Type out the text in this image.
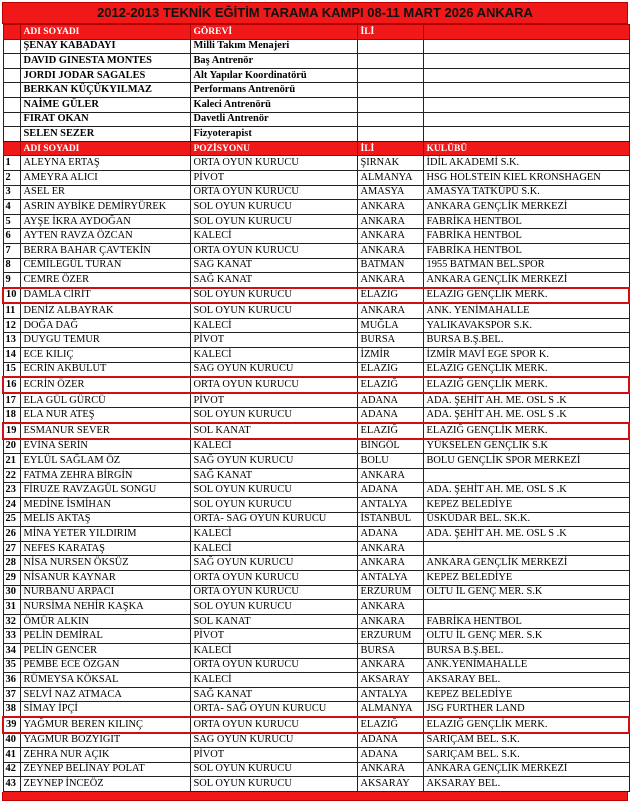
2012-2013 TEKNİK EĞİTİM TARAMA KAMPI 08-11 MART 2026 ANKARA
	ADI SOYADI	GÖREVİ	İLİ	
	ŞENAY KABADAYI	Milli Takım Menajeri		
	DAVID GINESTA MONTES	Baş Antrenör		
	JORDI JODAR SAGALES	Alt Yapılar Koordinatörü		
	BERKAN KÜÇÜKYILMAZ	Performans Antrenörü		
	NAİME GÜLER	Kaleci Antrenörü		
	FIRAT OKAN	Davetli Antrenör		
	SELEN SEZER	Fizyoterapist		
	ADI SOYADI	POZİSYONU	İLİ	KULÜBÜ
1	ALEYNA ERTAŞ	ORTA OYUN KURUCU	ŞIRNAK	İDİL AKADEMİ S.K.
2	AMEYRA ALICI	PİVOT	ALMANYA	HSG HOLSTEIN KIEL KRONSHAGEN
3	ASEL ER	ORTA OYUN KURUCU	AMASYA	AMASYA TATKÜPÜ S.K.
4	ASRIN AYBİKE DEMİRYÜREK	SOL OYUN KURUCU	ANKARA	ANKARA GENÇLİK MERKEZİ
5	AYŞE İKRA AYDOĞAN	SOL OYUN KURUCU	ANKARA	FABRİKA HENTBOL
6	AYTEN RAVZA ÖZCAN	KALECİ	ANKARA	FABRİKA HENTBOL
7	BERRA BAHAR ÇAVTEKİN	ORTA OYUN KURUCU	ANKARA	FABRİKA HENTBOL
8	CEMİLEGÜL TURAN	SAĞ KANAT	BATMAN	1955 BATMAN BEL.SPOR
9	CEMRE ÖZER	SAĞ KANAT	ANKARA	ANKARA GENÇLİK MERKEZİ
10	DAMLA CİRİT	SOL OYUN KURUCU	ELAZIĞ	ELAZIĞ GENÇLİK MERK.
11	DENİZ ALBAYRAK	SOL OYUN KURUCU	ANKARA	ANK. YENİMAHALLE
12	DOĞA DAĞ	KALECİ	MUĞLA	YALIKAVAKSPOR S.K.
13	DUYGU TEMUR	PİVOT	BURSA	BURSA B.Ş.BEL.
14	ECE KILIÇ	KALECİ	İZMİR	İZMİR MAVİ EGE SPOR K.
15	ECRİN AKBULUT	SAĞ OYUN KURUCU	ELAZIĞ	ELAZIĞ GENÇLİK MERK.
16	ECRİN ÖZER	ORTA OYUN KURUCU	ELAZIĞ	ELAZIĞ GENÇLİK MERK.
17	ELA GÜL GÜRCÜ	PİVOT	ADANA	ADA. ŞEHİT AH. ME. OSL S .K
18	ELA NUR ATEŞ	SOL OYUN KURUCU	ADANA	ADA. ŞEHİT AH. ME. OSL S .K
19	ESMANUR SEVER	SOL KANAT	ELAZIĞ	ELAZIĞ GENÇLİK MERK.
20	EVİNA SERİN	KALECİ	BİNGÖL	YÜKSELEN GENÇLİK S.K
21	EYLÜL SAĞLAM ÖZ	SAĞ OYUN KURUCU	BOLU	BOLU GENÇLİK SPOR MERKEZİ
22	FATMA ZEHRA BİRGİN	SAĞ KANAT	ANKARA	
23	FİRUZE RAVZAGÜL SONGU	SOL OYUN KURUCU	ADANA	ADA. ŞEHİT AH. ME. OSL S .K
24	MEDİNE İSMİHAN	SOL OYUN KURUCU	ANTALYA	KEPEZ BELEDİYE
25	MELİS AKTAŞ	ORTA- SAĞ OYUN KURUCU	İSTANBUL	ÜSKÜDAR BEL. SK.K.
26	MİNA YETER YILDIRIM	KALECİ	ADANA	ADA. ŞEHİT AH. ME. OSL S .K
27	NEFES KARATAŞ	KALECİ	ANKARA	
28	NİSA NURSEN ÖKSÜZ	SAĞ OYUN KURUCU	ANKARA	ANKARA GENÇLİK MERKEZİ
29	NİSANUR KAYNAR	ORTA OYUN KURUCU	ANTALYA	KEPEZ BELEDİYE
30	NURBANU ARPACI	ORTA OYUN KURUCU	ERZURUM	OLTU İL GENÇ MER. S.K
31	NURSİMA NEHİR KAŞKA	SOL OYUN KURUCU	ANKARA	
32	ÖMÜR ALKIN	SOL KANAT	ANKARA	FABRİKA HENTBOL
33	PELİN DEMİRAL	PİVOT	ERZURUM	OLTU İL GENÇ MER. S.K
34	PELİN GENCER	KALECİ	BURSA	BURSA B.Ş.BEL.
35	PEMBE ECE ÖZGAN	ORTA OYUN KURUCU	ANKARA	ANK.YENİMAHALLE
36	RÜMEYSA KÖKSAL	KALECİ	AKSARAY	AKSARAY BEL.
37	SELVİ NAZ ATMACA	SAĞ KANAT	ANTALYA	KEPEZ BELEDİYE
38	SİMAY İPÇİ	ORTA- SAĞ OYUN KURUCU	ALMANYA	JSG FURTHER LAND
39	YAĞMUR BEREN KILINÇ	ORTA OYUN KURUCU	ELAZIĞ	ELAZIĞ GENÇLİK MERK.
40	YAGMUR BOZYIGIT	SAĞ OYUN KURUCU	ADANA	SARIÇAM BEL. S.K.
41	ZEHRA NUR AÇIK	PİVOT	ADANA	SARIÇAM BEL. S.K.
42	ZEYNEP BELİNAY POLAT	SOL OYUN KURUCU	ANKARA	ANKARA GENÇLİK MERKEZİ
43	ZEYNEP İNCEÖZ	SOL OYUN KURUCU	AKSARAY	AKSARAY BEL.
